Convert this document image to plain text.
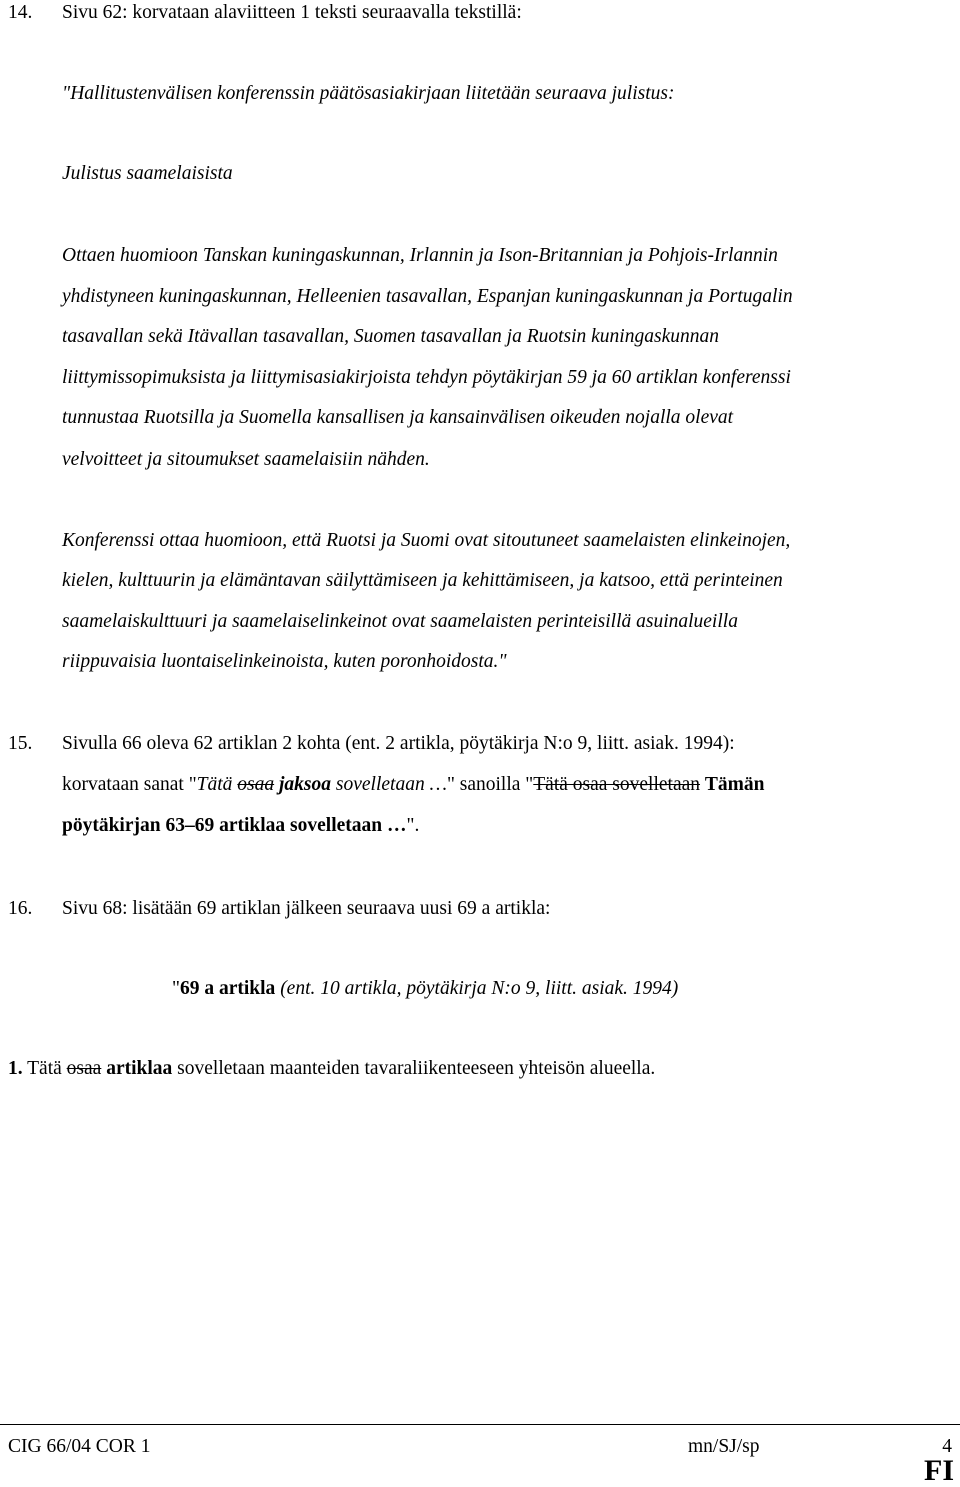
14. Sivu 62: korvataan alaviitteen 1 teksti seuraavalla tekstillä:
"Hallitustenvälisen konferenssin päätösasiakirjaan liitetään seuraava julistus:
Julistus saamelaisista
Ottaen huomioon Tanskan kuningaskunnan, Irlannin ja Ison-Britannian ja Pohjois-Irlannin
yhdistyneen kuningaskunnan, Helleenien tasavallan, Espanjan kuningaskunnan ja Portugalin
tasavallan sekä Itävallan tasavallan, Suomen tasavallan ja Ruotsin kuningaskunnan
liittymissopimuksista ja liittymisasiakirjoista tehdyn pöytäkirjan 59 ja 60 artiklan konferenssi
tunnustaa Ruotsilla ja Suomella kansallisen ja kansainvälisen oikeuden nojalla olevat
velvoitteet ja sitoumukset saamelaisiin nähden.
Konferenssi ottaa huomioon, että Ruotsi ja Suomi ovat sitoutuneet saamelaisten elinkeinojen,
kielen, kulttuurin ja elämäntavan säilyttämiseen ja kehittämiseen, ja katsoo, että perinteinen
saamelaiskulttuuri ja saamelaiselinkeinot ovat saamelaisten perinteisillä asuinalueilla
riippuvaisia luontaiselinkeinoista, kuten poronhoidosta."
15. Sivulla 66 oleva 62 artiklan 2 kohta (ent. 2 artikla, pöytäkirja N:o 9, liitt. asiak. 1994):
korvataan sanat "Tätä osaa jaksoa sovelletaan …" sanoilla "Tätä osaa sovelletaan Tämän
pöytäkirjan 63–69 artiklaa sovelletaan …".
16. Sivu 68: lisätään 69 artiklan jälkeen seuraava uusi 69 a artikla:
"69 a artikla (ent. 10 artikla, pöytäkirja N:o 9, liitt. asiak. 1994)
1. Tätä osaa artiklaa sovelletaan maanteiden tavaraliikenteeseen yhteisön alueella.
CIG 66/04 COR 1	mn/SJ/sp	4
FI
